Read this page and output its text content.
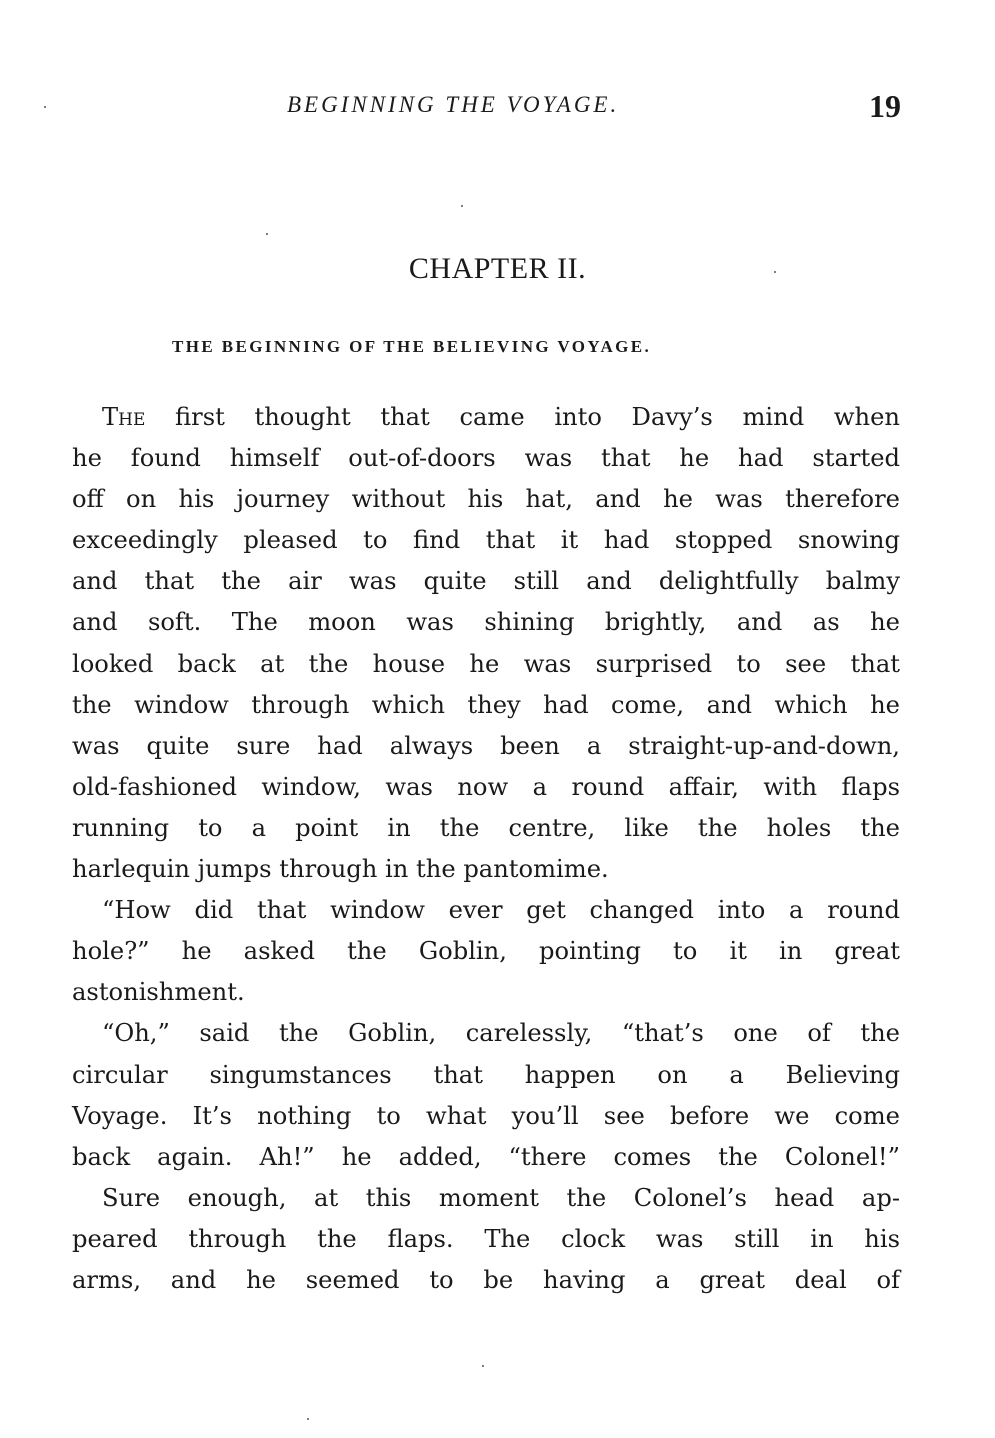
BEGINNING THE VOYAGE.	19
CHAPTER II.
THE BEGINNING OF THE BELIEVING VOYAGE.

The first thought that came into Davy’s mind when
he found himself out-of-doors was that he had started
off on his journey without his hat, and he was therefore
exceedingly pleased to find that it had stopped snowing
and that the air was quite still and delightfully balmy
and soft. The moon was shining brightly, and as he
looked back at the house he was surprised to see that
the window through which they had come, and which he
was quite sure had always been a straight-up-and-down,
old-fashioned window, was now a round affair, with flaps
running to a point in the centre, like the holes the
harlequin jumps through in the pantomime.

“How did that window ever get changed into a round
hole?” he asked the Goblin, pointing to it in great
astonishment.

“Oh,” said the Goblin, carelessly, “that’s one of the
circular singumstances that happen on a Believing
Voyage. It’s nothing to what you’ll see before we come
back again. Ah!” he added, “there comes the Colonel!”

Sure enough, at this moment the Colonel’s head ap-
peared through the flaps. The clock was still in his
arms, and he seemed to be having a great deal of
